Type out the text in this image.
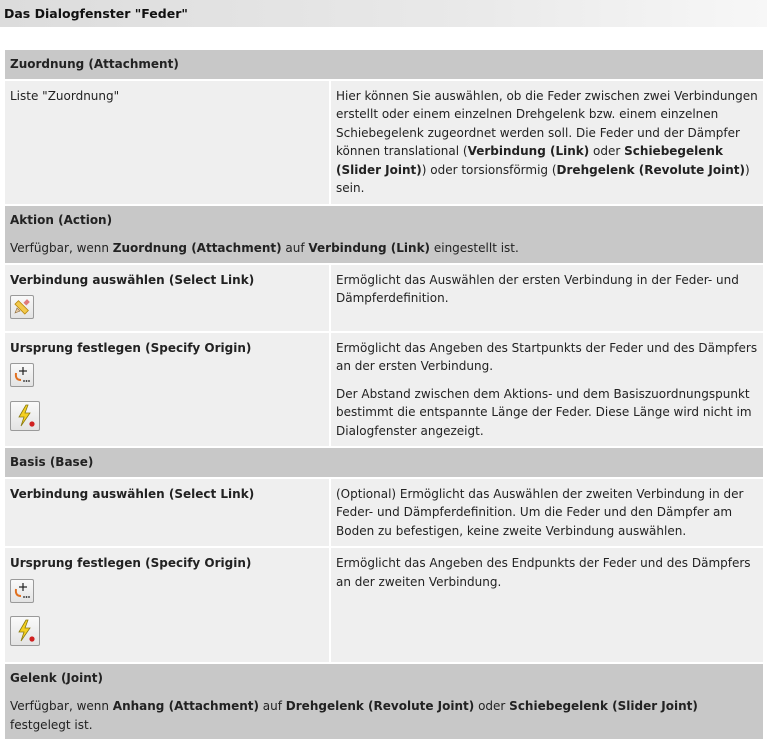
Das Dialogfenster "Feder"
Zuordnung (Attachment)	
Liste "Zuordnung"	Hier können Sie auswählen, ob die Feder zwischen zwei Verbindungen erstellt oder einem einzelnen Drehgelenk bzw. einem einzelnen Schiebegelenk zugeordnet werden soll. Die Feder und der Dämpfer können translational (Verbindung (Link) oder Schiebegelenk (Slider Joint)) oder torsionsförmig (Drehgelenk (Revolute Joint)) sein.

Aktion (Action)
Verfügbar, wenn Zuordnung (Attachment) auf Verbindung (Link) eingestellt ist.	

Verbindung auswählen (Select Link)	Ermöglicht das Auswählen der ersten Verbindung in der Feder- und Dämpferdefinition.

Ursprung festlegen (Specify Origin)	Ermöglicht das Angeben des Startpunkts der Feder und des Dämpfers an der ersten Verbindung.

Der Abstand zwischen dem Aktions- und dem Basiszuordnungspunkt bestimmt die entspannte Länge der Feder. Diese Länge wird nicht im Dialogfenster angezeigt.

Basis (Base)	
Verbindung auswählen (Select Link)	(Optional) Ermöglicht das Auswählen der zweiten Verbindung in der Feder- und Dämpferdefinition. Um die Feder und den Dämpfer am Boden zu befestigen, keine zweite Verbindung auswählen.

Ursprung festlegen (Specify Origin)	Ermöglicht das Angeben des Endpunkts der Feder und des Dämpfers an der zweiten Verbindung.

Gelenk (Joint)
Verfügbar, wenn Anhang (Attachment) auf Drehgelenk (Revolute Joint) oder Schiebegelenk (Slider Joint) festgelegt ist.	
